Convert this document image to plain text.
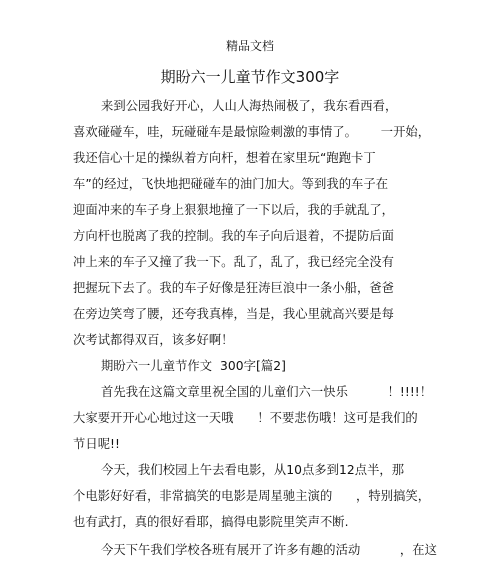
精品文档
期盼六一儿童节作文300字
来到公园我好开心，人山人海热闹极了，我东看西看，
喜欢碰碰车，哇，玩碰碰车是最惊险刺激的事情了。      一开始，
我还信心十足的操纵着方向杆，想着在家里玩“跑跑卡丁
车”的经过，飞快地把碰碰车的油门加大。等到我的车子在
迎面冲来的车子身上狠狠地撞了一下以后，我的手就乱了，
方向杆也脱离了我的控制。我的车子向后退着，不提防后面
冲上来的车子又撞了我一下。乱了，乱了，我已经完全没有
把握玩下去了。我的车子好像是狂涛巨浪中一条小船，爸爸
在旁边笑弯了腰，还夸我真棒，当是，我心里就高兴要是每
次考试都得双百，该多好啊！
期盼六一儿童节作文  300字[篇2]
首先我在这篇文章里祝全国的儿童们六一快乐          ！!!!!！
大家要开开心心地过这一天哦      ！不要悲伤哦！这可是我们的
节日呢!!
今天，我们校园上午去看电影，从10点多到12点半，那
个电影好好看，非常搞笑的电影是周星驰主演的      ，特别搞笑，
也有武打，真的很好看耶，搞得电影院里笑声不断.
今天下午我们学校各班有展开了许多有趣的活动          ，在这
